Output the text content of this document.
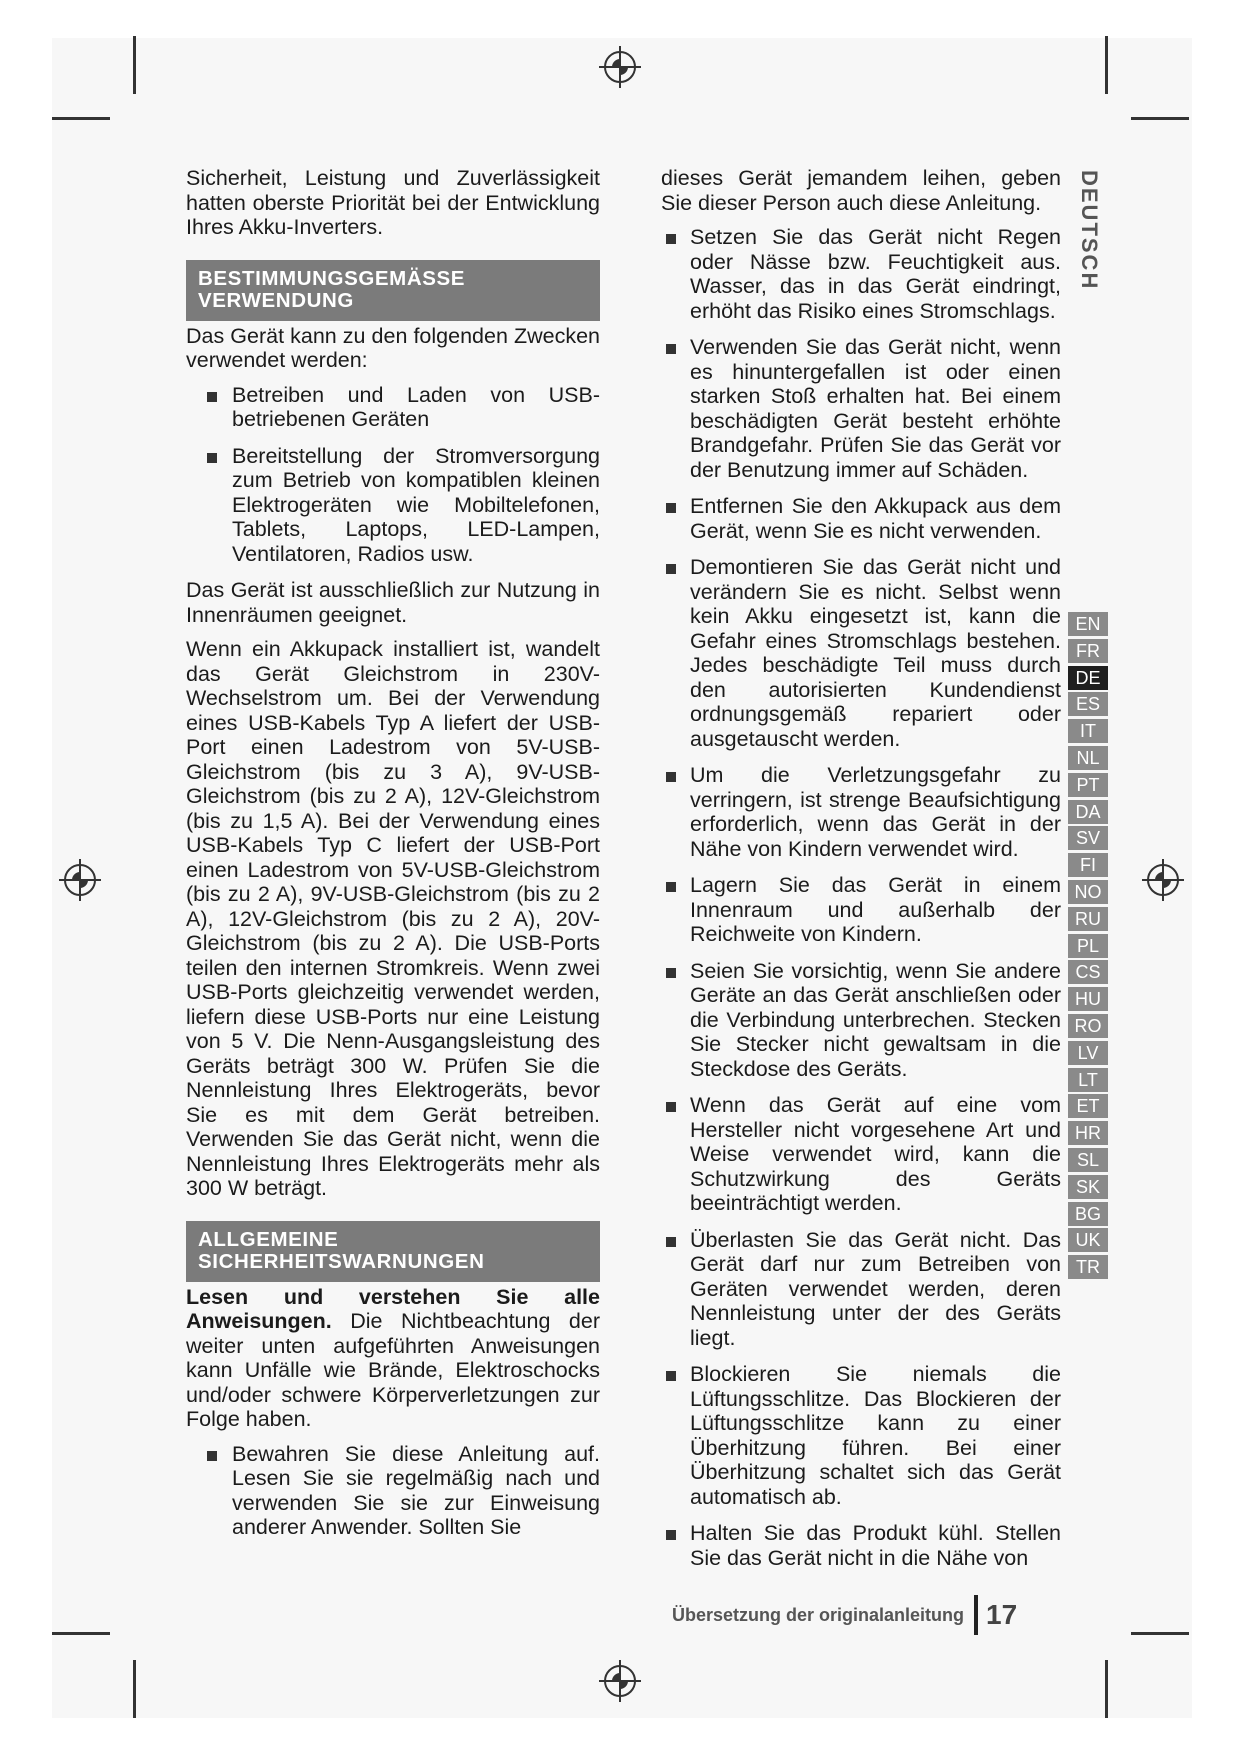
Sicherheit, Leistung und Zuverlässigkeit hatten oberste Priorität bei der Entwicklung Ihres Akku-Inverters.

BESTIMMUNGSGEMÄSSE VERWENDUNG

Das Gerät kann zu den folgenden Zwecken verwendet werden:

Betreiben und Laden von USB-betriebenen Geräten
Bereitstellung der Stromversorgung zum Betrieb von kompatiblen kleinen Elektrogeräten wie Mobiltelefonen, Tablets, Laptops, LED-Lampen, Ventilatoren, Radios usw.

Das Gerät ist ausschließlich zur Nutzung in Innenräumen geeignet.

Wenn ein Akkupack installiert ist, wandelt das Gerät Gleichstrom in 230V-Wechselstrom um. Bei der Verwendung eines USB-Kabels Typ A liefert der USB-Port einen Ladestrom von 5V-USB-Gleichstrom (bis zu 3 A), 9V-USB-Gleichstrom (bis zu 2 A), 12V-Gleichstrom (bis zu 1,5 A). Bei der Verwendung eines USB-Kabels Typ C liefert der USB-Port einen Ladestrom von 5V-USB-Gleichstrom (bis zu 2 A), 9V-USB-Gleichstrom (bis zu 2 A), 12V-Gleichstrom (bis zu 2 A), 20V-Gleichstrom (bis zu 2 A). Die USB-Ports teilen den internen Stromkreis. Wenn zwei USB-Ports gleichzeitig verwendet werden, liefern diese USB-Ports nur eine Leistung von 5 V. Die Nenn-Ausgangsleistung des Geräts beträgt 300 W. Prüfen Sie die Nennleistung Ihres Elektrogeräts, bevor Sie es mit dem Gerät betreiben. Verwenden Sie das Gerät nicht, wenn die Nennleistung Ihres Elektrogeräts mehr als 300 W beträgt.

ALLGEMEINE SICHERHEITSWARNUNGEN

Lesen und verstehen Sie alle Anweisungen. Die Nichtbeachtung der weiter unten aufgeführten Anweisungen kann Unfälle wie Brände, Elektroschocks und/oder schwere Körperverletzungen zur Folge haben.

Bewahren Sie diese Anleitung auf. Lesen Sie sie regelmäßig nach und verwenden Sie sie zur Einweisung anderer Anwender. Sollten Sie

dieses Gerät jemandem leihen, geben Sie dieser Person auch diese Anleitung.

Setzen Sie das Gerät nicht Regen oder Nässe bzw. Feuchtigkeit aus. Wasser, das in das Gerät eindringt, erhöht das Risiko eines Stromschlags.
Verwenden Sie das Gerät nicht, wenn es hinuntergefallen ist oder einen starken Stoß erhalten hat. Bei einem beschädigten Gerät besteht erhöhte Brandgefahr. Prüfen Sie das Gerät vor der Benutzung immer auf Schäden.
Entfernen Sie den Akkupack aus dem Gerät, wenn Sie es nicht verwenden.
Demontieren Sie das Gerät nicht und verändern Sie es nicht. Selbst wenn kein Akku eingesetzt ist, kann die Gefahr eines Stromschlags bestehen. Jedes beschädigte Teil muss durch den autorisierten Kundendienst ordnungsgemäß repariert oder ausgetauscht werden.
Um die Verletzungsgefahr zu verringern, ist strenge Beaufsichtigung erforderlich, wenn das Gerät in der Nähe von Kindern verwendet wird.
Lagern Sie das Gerät in einem Innenraum und außerhalb der Reichweite von Kindern.
Seien Sie vorsichtig, wenn Sie andere Geräte an das Gerät anschließen oder die Verbindung unterbrechen. Stecken Sie Stecker nicht gewaltsam in die Steckdose des Geräts.
Wenn das Gerät auf eine vom Hersteller nicht vorgesehene Art und Weise verwendet wird, kann die Schutzwirkung des Geräts beeinträchtigt werden.
Überlasten Sie das Gerät nicht. Das Gerät darf nur zum Betreiben von Geräten verwendet werden, deren Nennleistung unter der des Geräts liegt.
Blockieren Sie niemals die Lüftungsschlitze. Das Blockieren der Lüftungsschlitze kann zu einer Überhitzung führen. Bei einer Überhitzung schaltet sich das Gerät automatisch ab.
Halten Sie das Produkt kühl. Stellen Sie das Gerät nicht in die Nähe von
DEUTSCH
EN
FR
DE
ES
IT
NL
PT
DA
SV
FI
NO
RU
PL
CS
HU
RO
LV
LT
ET
HR
SL
SK
BG
UK
TR
Übersetzung der originalanleitung 17
